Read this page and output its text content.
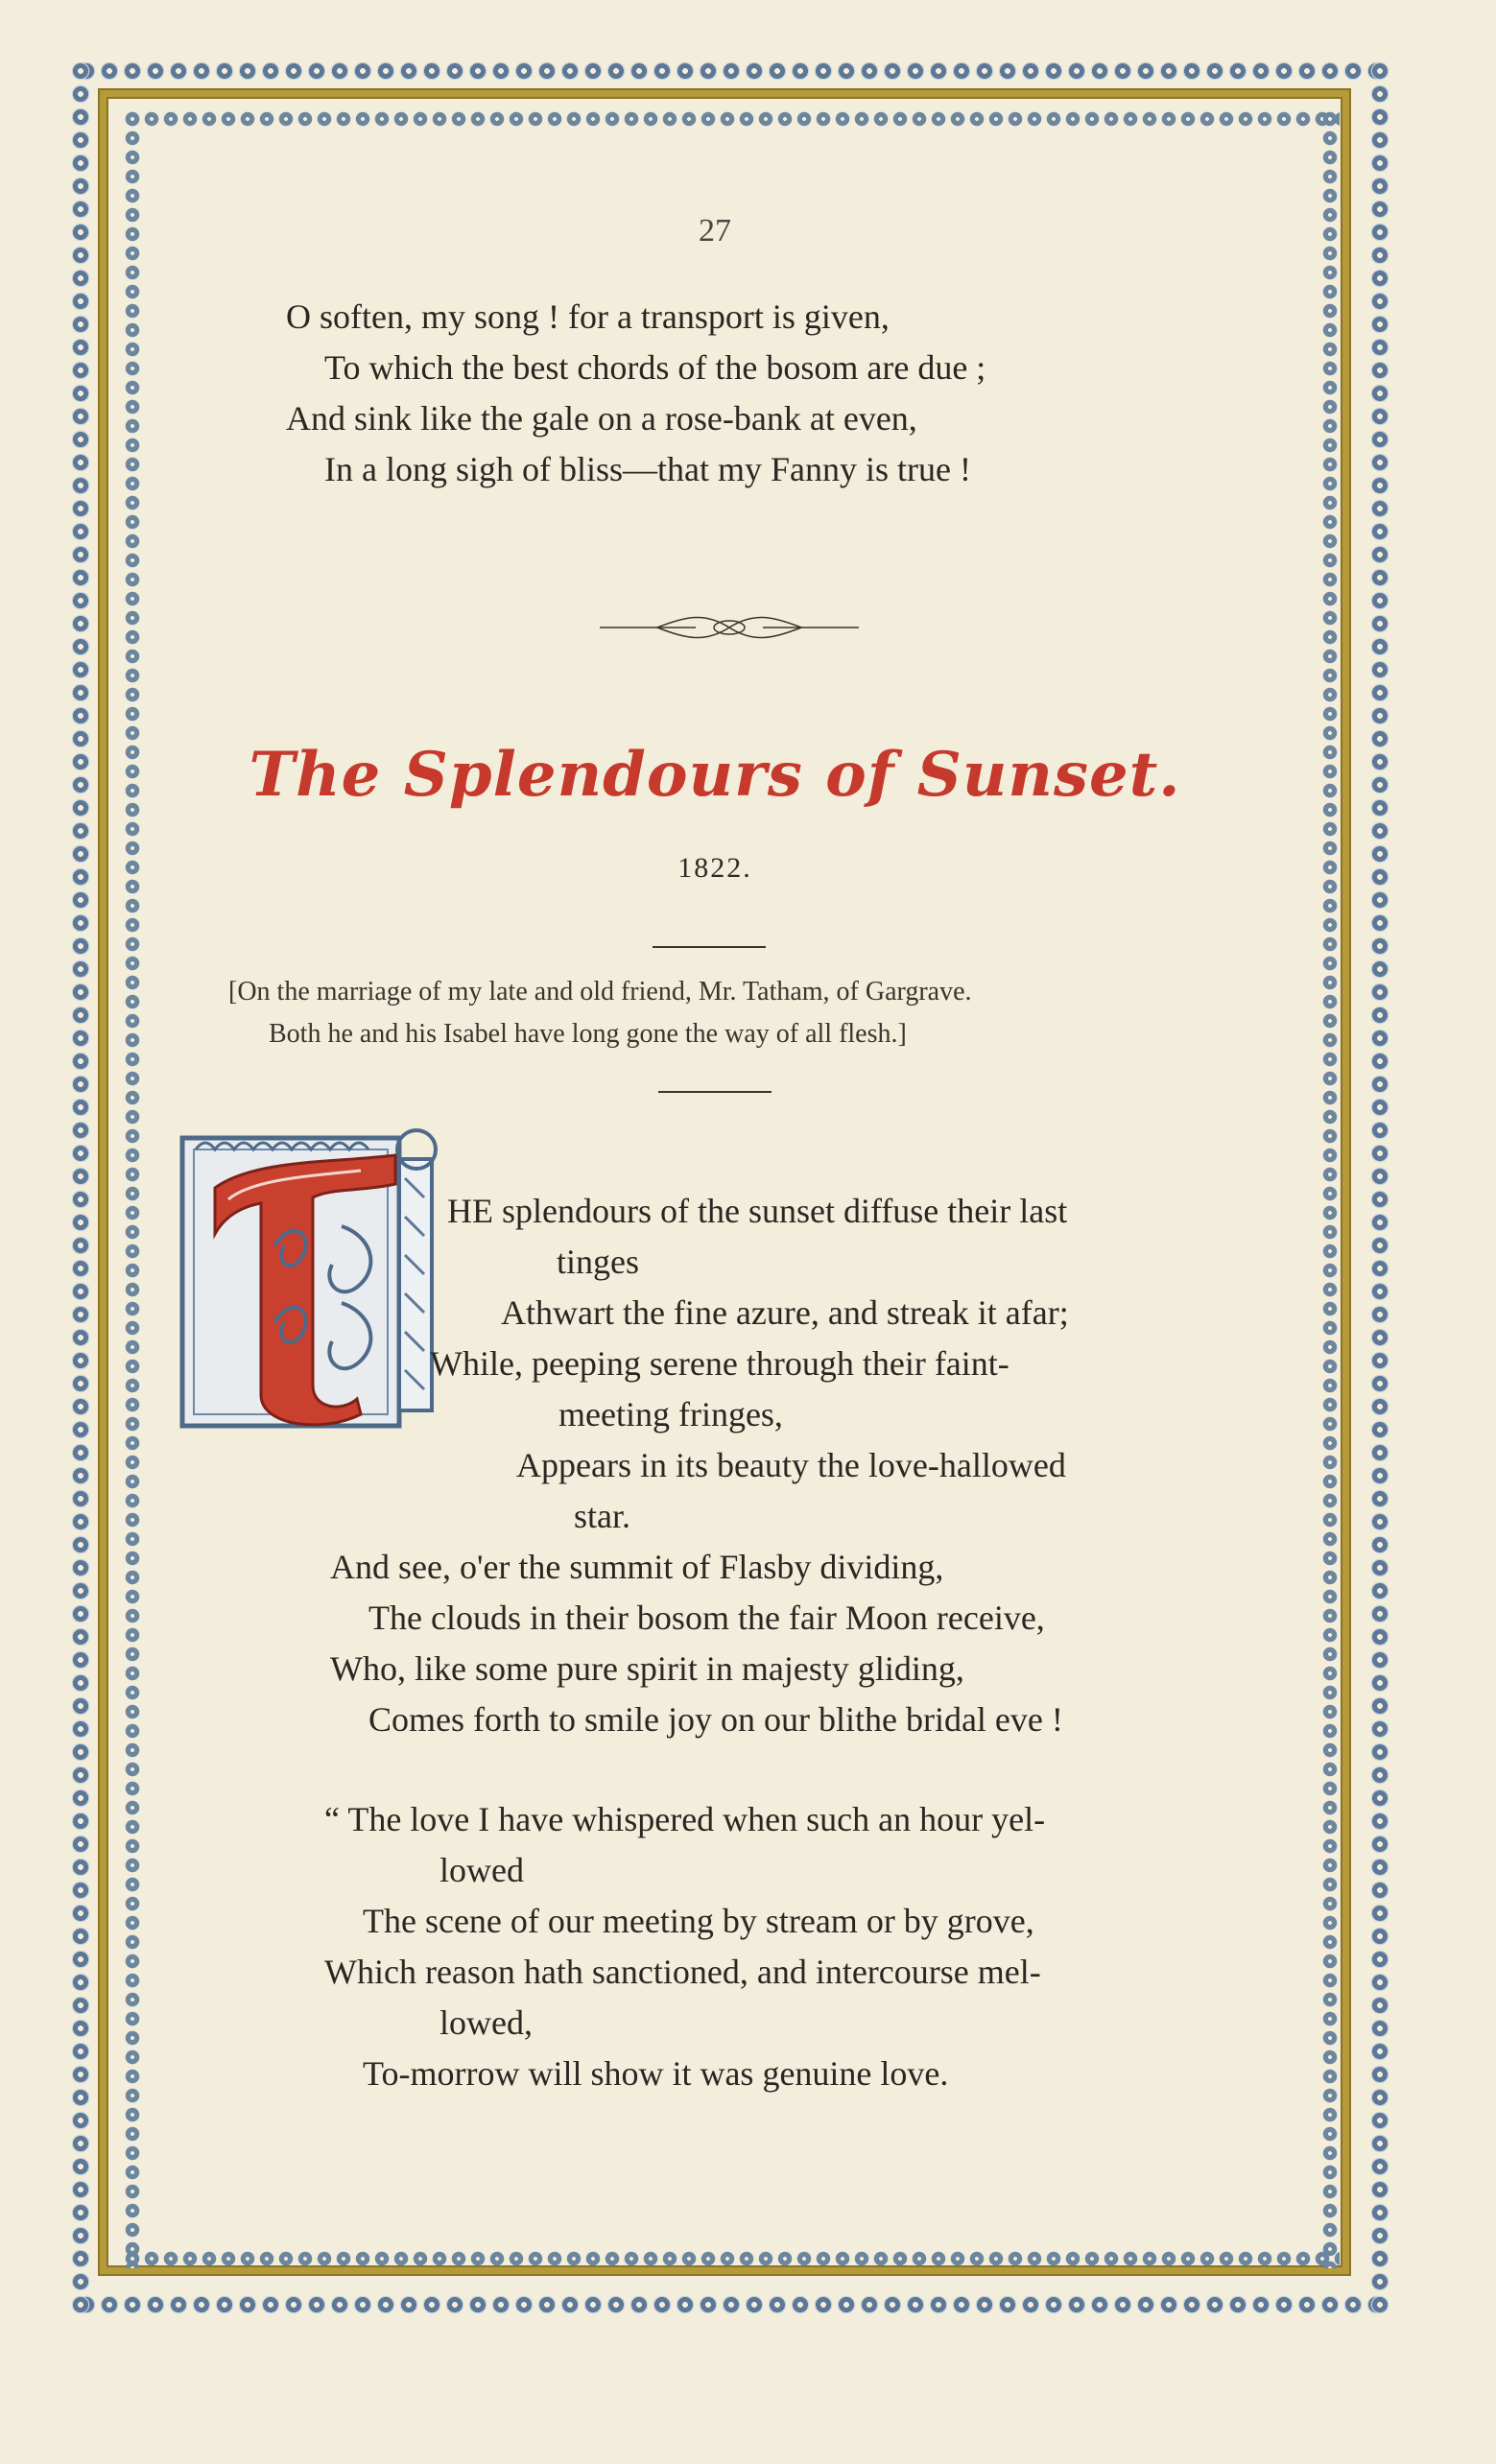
27
O soften, my song ! for a transport is given,
To which the best chords of the bosom are due ;
And sink like the gale on a rose-bank at even,
In a long sigh of bliss—that my Fanny is true !
The Splendours of Sunset.
1822.
[On the marriage of my late and old friend, Mr. Tatham, of Gargrave.
Both he and his Isabel have long gone the way of all flesh.]
HE splendours of the sunset diffuse their last
tinges
Athwart the fine azure, and streak it afar;
While, peeping serene through their faint-
meeting fringes,
Appears in its beauty the love-hallowed
star.
And see, o'er the summit of Flasby dividing,
The clouds in their bosom the fair Moon receive,
Who, like some pure spirit in majesty gliding,
Comes forth to smile joy on our blithe bridal eve !
“ The love I have whispered when such an hour yel-
lowed
The scene of our meeting by stream or by grove,
Which reason hath sanctioned, and intercourse mel-
lowed,
To-morrow will show it was genuine love.
